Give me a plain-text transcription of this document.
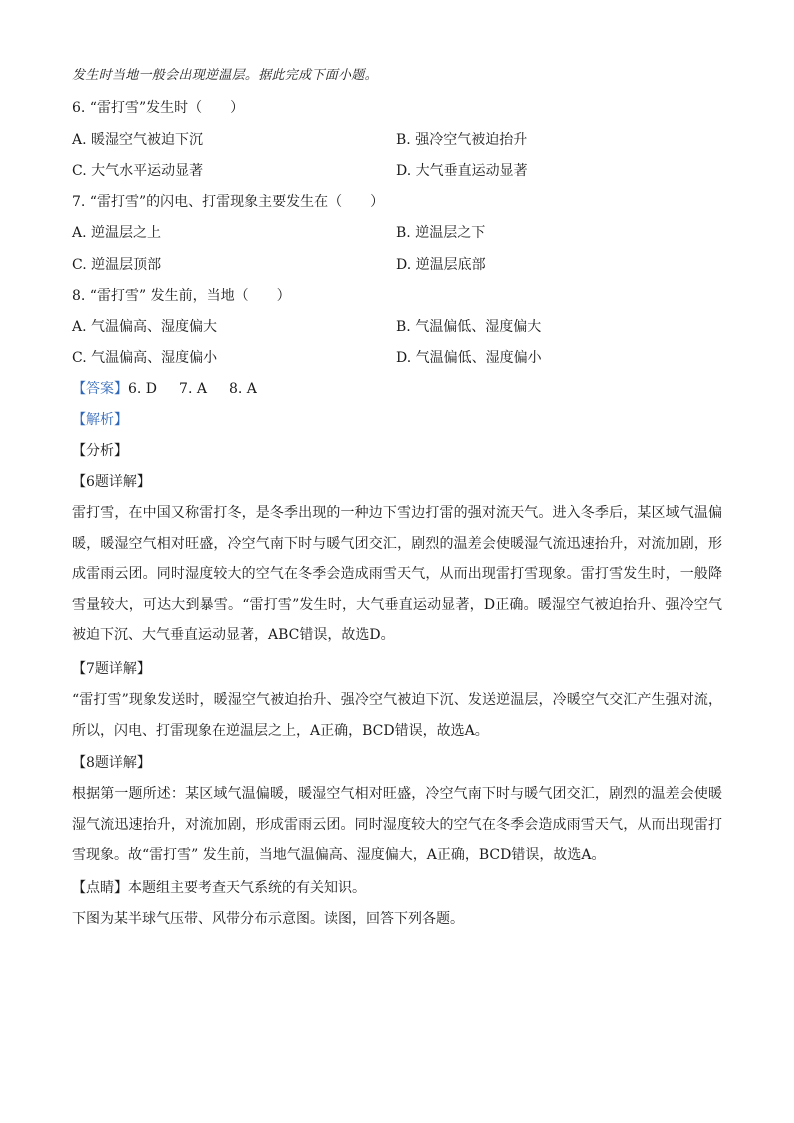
发生时当地一般会出现逆温层。据此完成下面小题。
6. “雷打雪”发生时（　　）
A. 暖湿空气被迫下沉	B. 强冷空气被迫抬升
C. 大气水平运动显著	D. 大气垂直运动显著
7. “雷打雪”的闪电、打雷现象主要发生在（　　）
A. 逆温层之上	B. 逆温层之下
C. 逆温层顶部	D. 逆温层底部
8. “雷打雪” 发生前，当地（　　）
A. 气温偏高、湿度偏大	B. 气温偏低、湿度偏大
C. 气温偏高、湿度偏小	D. 气温偏低、湿度偏小
【答案】6. D 7. A 8. A
【解析】
【分析】
【6题详解】
雷打雪，在中国又称雷打冬，是冬季出现的一种边下雪边打雷的强对流天气。进入冬季后，某区域气温偏暖，暖湿空气相对旺盛，冷空气南下时与暖气团交汇，剧烈的温差会使暖湿气流迅速抬升，对流加剧，形成雷雨云团。同时湿度较大的空气在冬季会造成雨雪天气，从而出现雷打雪现象。雷打雪发生时，一般降雪量较大，可达大到暴雪。“雷打雪”发生时，大气垂直运动显著，D正确。暖湿空气被迫抬升、强冷空气被迫下沉、大气垂直运动显著，ABC错误，故选D。
【7题详解】
“雷打雪”现象发送时，暖湿空气被迫抬升、强冷空气被迫下沉、发送逆温层，冷暖空气交汇产生强对流，所以，闪电、打雷现象在逆温层之上，A正确，BCD错误，故选A。
【8题详解】
根据第一题所述：某区域气温偏暖，暖湿空气相对旺盛，冷空气南下时与暖气团交汇，剧烈的温差会使暖湿气流迅速抬升，对流加剧，形成雷雨云团。同时湿度较大的空气在冬季会造成雨雪天气，从而出现雷打雪现象。故“雷打雪” 发生前，当地气温偏高、湿度偏大，A正确，BCD错误，故选A。
【点睛】本题组主要考查天气系统的有关知识。
下图为某半球气压带、风带分布示意图。读图，回答下列各题。
